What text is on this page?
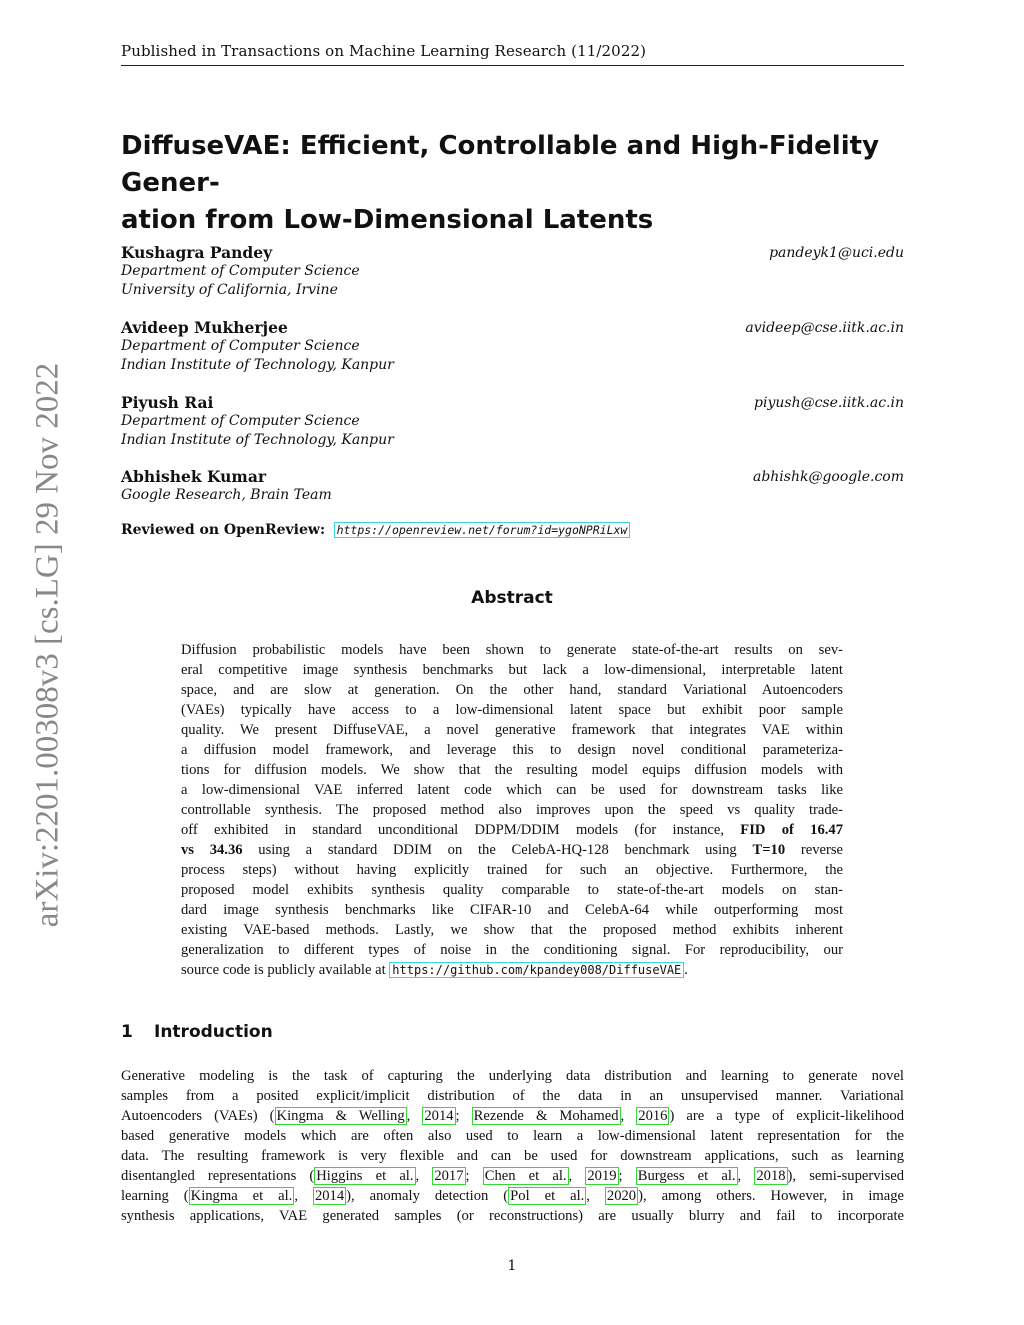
Published in Transactions on Machine Learning Research (11/2022)
arXiv:2201.00308v3 [cs.LG] 29 Nov 2022
DiffuseVAE: Efficient, Controllable and High-Fidelity Gener-
ation from Low-Dimensional Latents
Kushagra Pandey	pandeyk1@uci.edu
Department of Computer Science
University of California, Irvine
Avideep Mukherjee	avideep@cse.iitk.ac.in
Department of Computer Science
Indian Institute of Technology, Kanpur
Piyush Rai	piyush@cse.iitk.ac.in
Department of Computer Science
Indian Institute of Technology, Kanpur
Abhishek Kumar	abhishk@google.com
Google Research, Brain Team
Reviewed on OpenReview: https://openreview.net/forum?id=ygoNPRiLxw
Abstract
Diffusion probabilistic models have been shown to generate state-of-the-art results on sev-
eral competitive image synthesis benchmarks but lack a low-dimensional, interpretable latent
space, and are slow at generation. On the other hand, standard Variational Autoencoders
(VAEs) typically have access to a low-dimensional latent space but exhibit poor sample
quality. We present DiffuseVAE, a novel generative framework that integrates VAE within
a diffusion model framework, and leverage this to design novel conditional parameteriza-
tions for diffusion models. We show that the resulting model equips diffusion models with
a low-dimensional VAE inferred latent code which can be used for downstream tasks like
controllable synthesis. The proposed method also improves upon the speed vs quality trade-
off exhibited in standard unconditional DDPM/DDIM models (for instance, FID of 16.47
vs 34.36 using a standard DDIM on the CelebA-HQ-128 benchmark using T=10 reverse
process steps) without having explicitly trained for such an objective. Furthermore, the
proposed model exhibits synthesis quality comparable to state-of-the-art models on stan-
dard image synthesis benchmarks like CIFAR-10 and CelebA-64 while outperforming most
existing VAE-based methods. Lastly, we show that the proposed method exhibits inherent
generalization to different types of noise in the conditioning signal. For reproducibility, our
source code is publicly available at https://github.com/kpandey008/DiffuseVAE .
1 Introduction
Generative modeling is the task of capturing the underlying data distribution and learning to generate novel
samples from a posited explicit/implicit distribution of the data in an unsupervised manner. Variational
Autoencoders (VAEs) ( Kingma & Welling , 2014 ; Rezende & Mohamed , 2016 ) are a type of explicit-likelihood
based generative models which are often also used to learn a low-dimensional latent representation for the
data. The resulting framework is very flexible and can be used for downstream applications, such as learning
disentangled representations ( Higgins et al. , 2017 ; Chen et al. , 2019 ; Burgess et al. , 2018 ), semi-supervised
learning ( Kingma et al. , 2014 ), anomaly detection ( Pol et al. , 2020 ), among others. However, in image
synthesis applications, VAE generated samples (or reconstructions) are usually blurry and fail to incorporate
1
